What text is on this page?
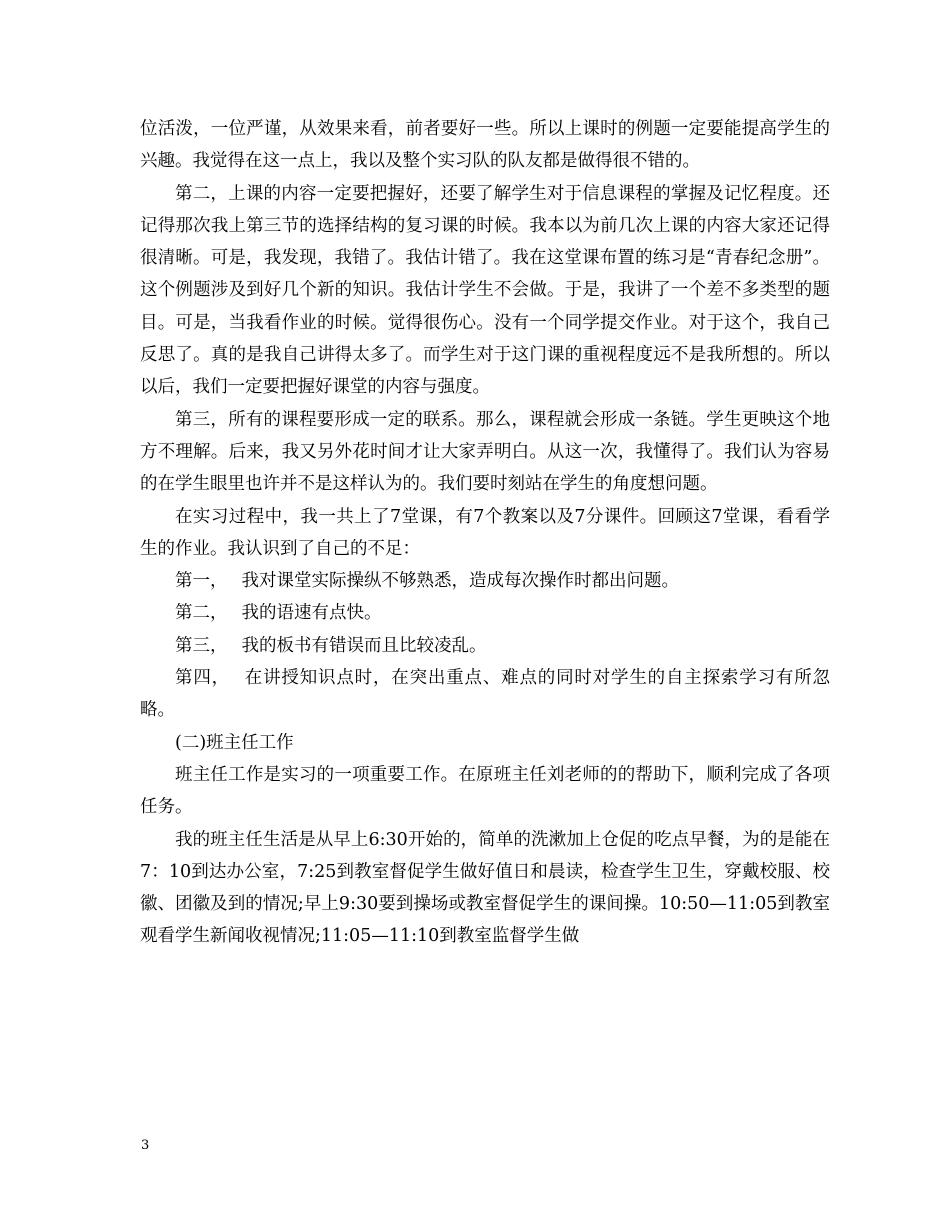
位活泼，一位严谨，从效果来看，前者要好一些。所以上课时的例题一定要能提高学生的兴趣。我觉得在这一点上，我以及整个实习队的队友都是做得很不错的。

第二，上课的内容一定要把握好，还要了解学生对于信息课程的掌握及记忆程度。还记得那次我上第三节的选择结构的复习课的时候。我本以为前几次上课的内容大家还记得很清晰。可是，我发现，我错了。我估计错了。我在这堂课布置的练习是“青春纪念册”。这个例题涉及到好几个新的知识。我估计学生不会做。于是，我讲了一个差不多类型的题目。可是，当我看作业的时候。觉得很伤心。没有一个同学提交作业。对于这个，我自己反思了。真的是我自己讲得太多了。而学生对于这门课的重视程度远不是我所想的。所以以后，我们一定要把握好课堂的内容与强度。

第三，所有的课程要形成一定的联系。那么，课程就会形成一条链。学生更映这个地方不理解。后来，我又另外花时间才让大家弄明白。从这一次，我懂得了。我们认为容易的在学生眼里也许并不是这样认为的。我们要时刻站在学生的角度想问题。

在实习过程中，我一共上了7堂课，有7个教案以及7分课件。回顾这7堂课，看看学生的作业。我认识到了自己的不足：

第一， 我对课堂实际操纵不够熟悉，造成每次操作时都出问题。

第二， 我的语速有点快。

第三， 我的板书有错误而且比较凌乱。

第四， 在讲授知识点时，在突出重点、难点的同时对学生的自主探索学习有所忽略。

(二)班主任工作

班主任工作是实习的一项重要工作。在原班主任刘老师的的帮助下，顺利完成了各项任务。

我的班主任生活是从早上6:30开始的，简单的洗漱加上仓促的吃点早餐，为的是能在7：10到达办公室，7:25到教室督促学生做好值日和晨读，检查学生卫生，穿戴校服、校徽、团徽及到的情况;早上9:30要到操场或教室督促学生的课间操。10:50—11:05到教室观看学生新闻收视情况;11:05—11:10到教室监督学生做

3
